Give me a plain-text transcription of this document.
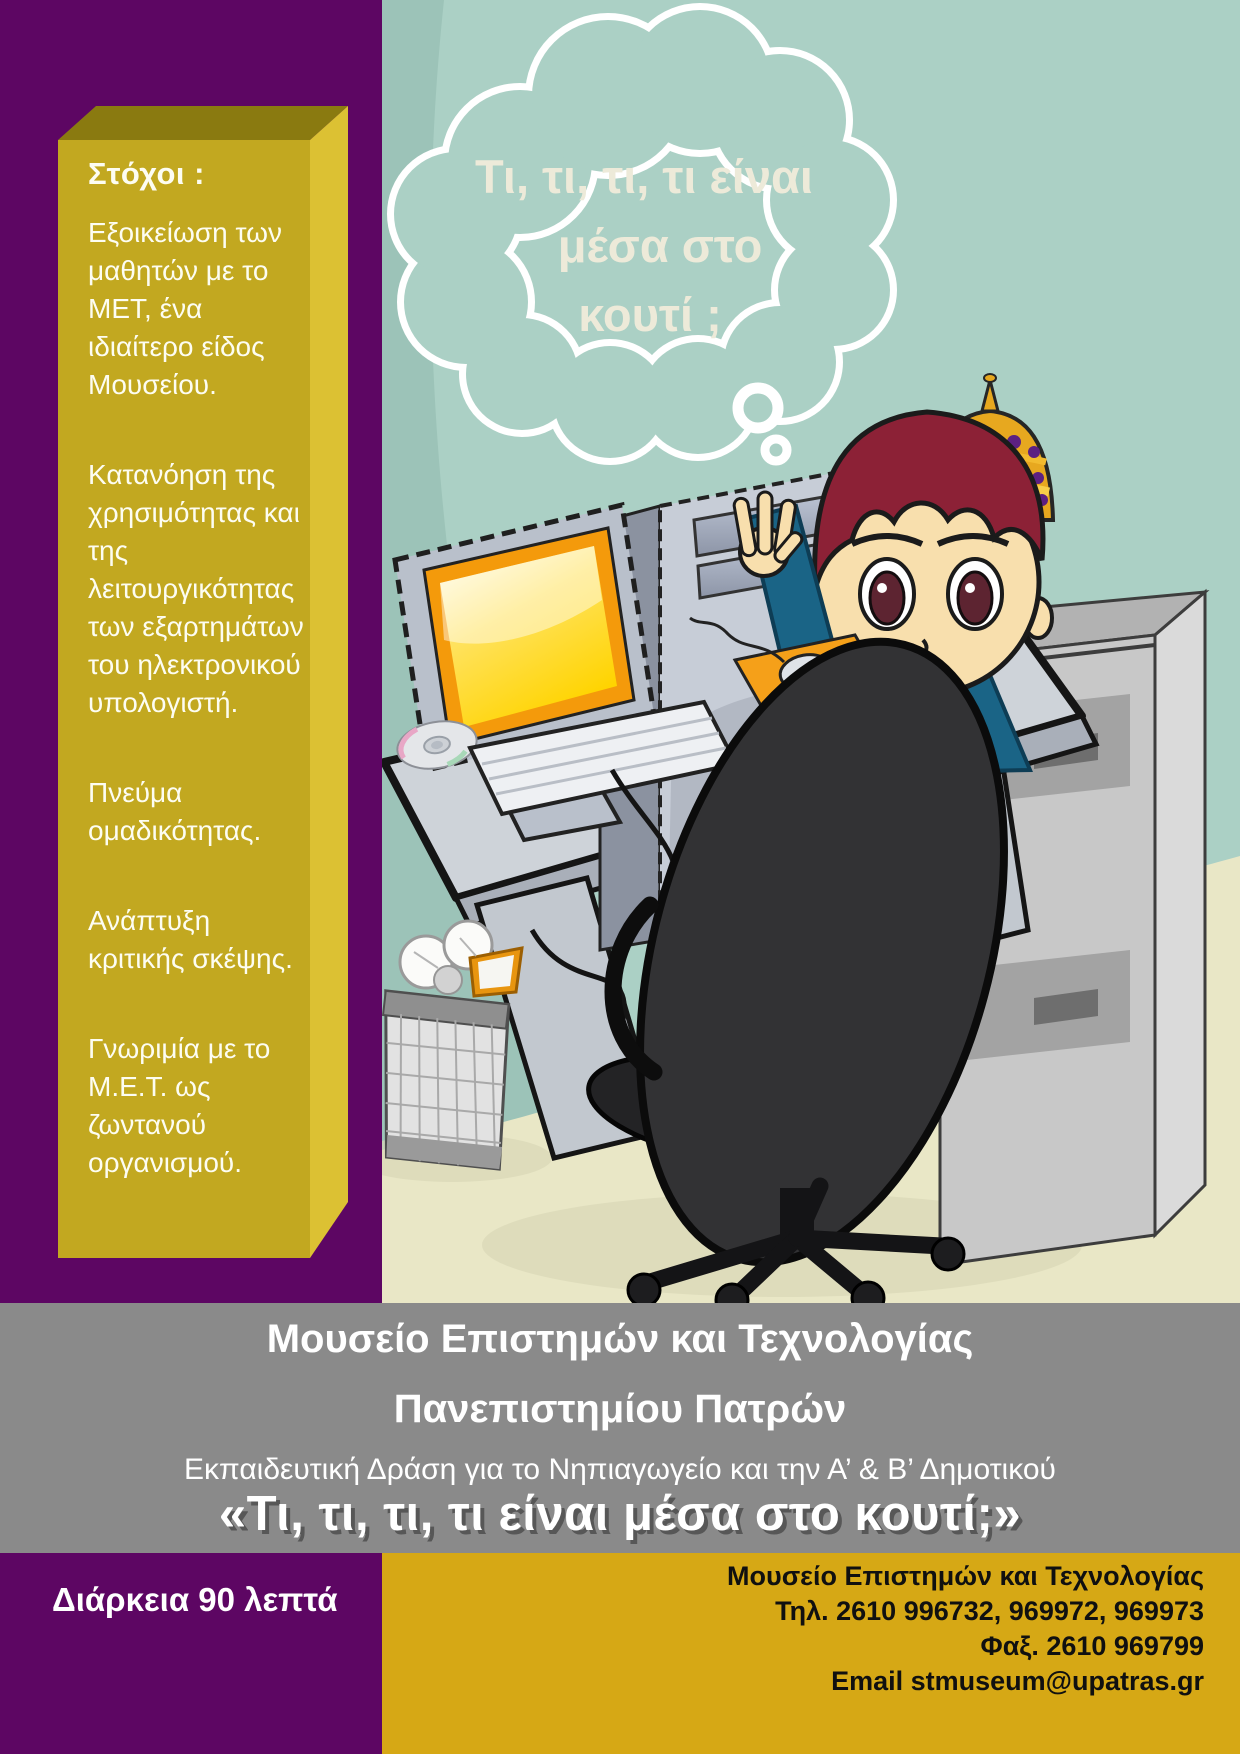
Στόχοι :

Εξοικείωση των μαθητών με το ΜΕΤ, ένα ιδιαίτερο είδος Μουσείου.

Κατανόηση της χρησιμότητας και της λειτουργικότητας των εξαρτημάτων του ηλεκτρονικού υπολογιστή.

Πνεύμα ομαδικότητας.

Ανάπτυξη κριτικής σκέψης.

Γνωριμία με το Μ.Ε.Τ. ως ζωντανού οργανισμού.

Τι, τι, τι, τι είναι
μέσα στο
κουτί ;
Μουσείο Επιστημών και Τεχνολογίας
Πανεπιστημίου Πατρών
Εκπαιδευτική Δράση για το Νηπιαγωγείο και την Α’ & Β’ Δημοτικού
«Τι, τι, τι, τι είναι μέσα στο κουτί;»
Διάρκεια 90 λεπτά

Μουσείο Επιστημών και Τεχνολογίας

Τηλ. 2610 996732, 969972, 969973

Φαξ. 2610 969799

Email stmuseum@upatras.gr
